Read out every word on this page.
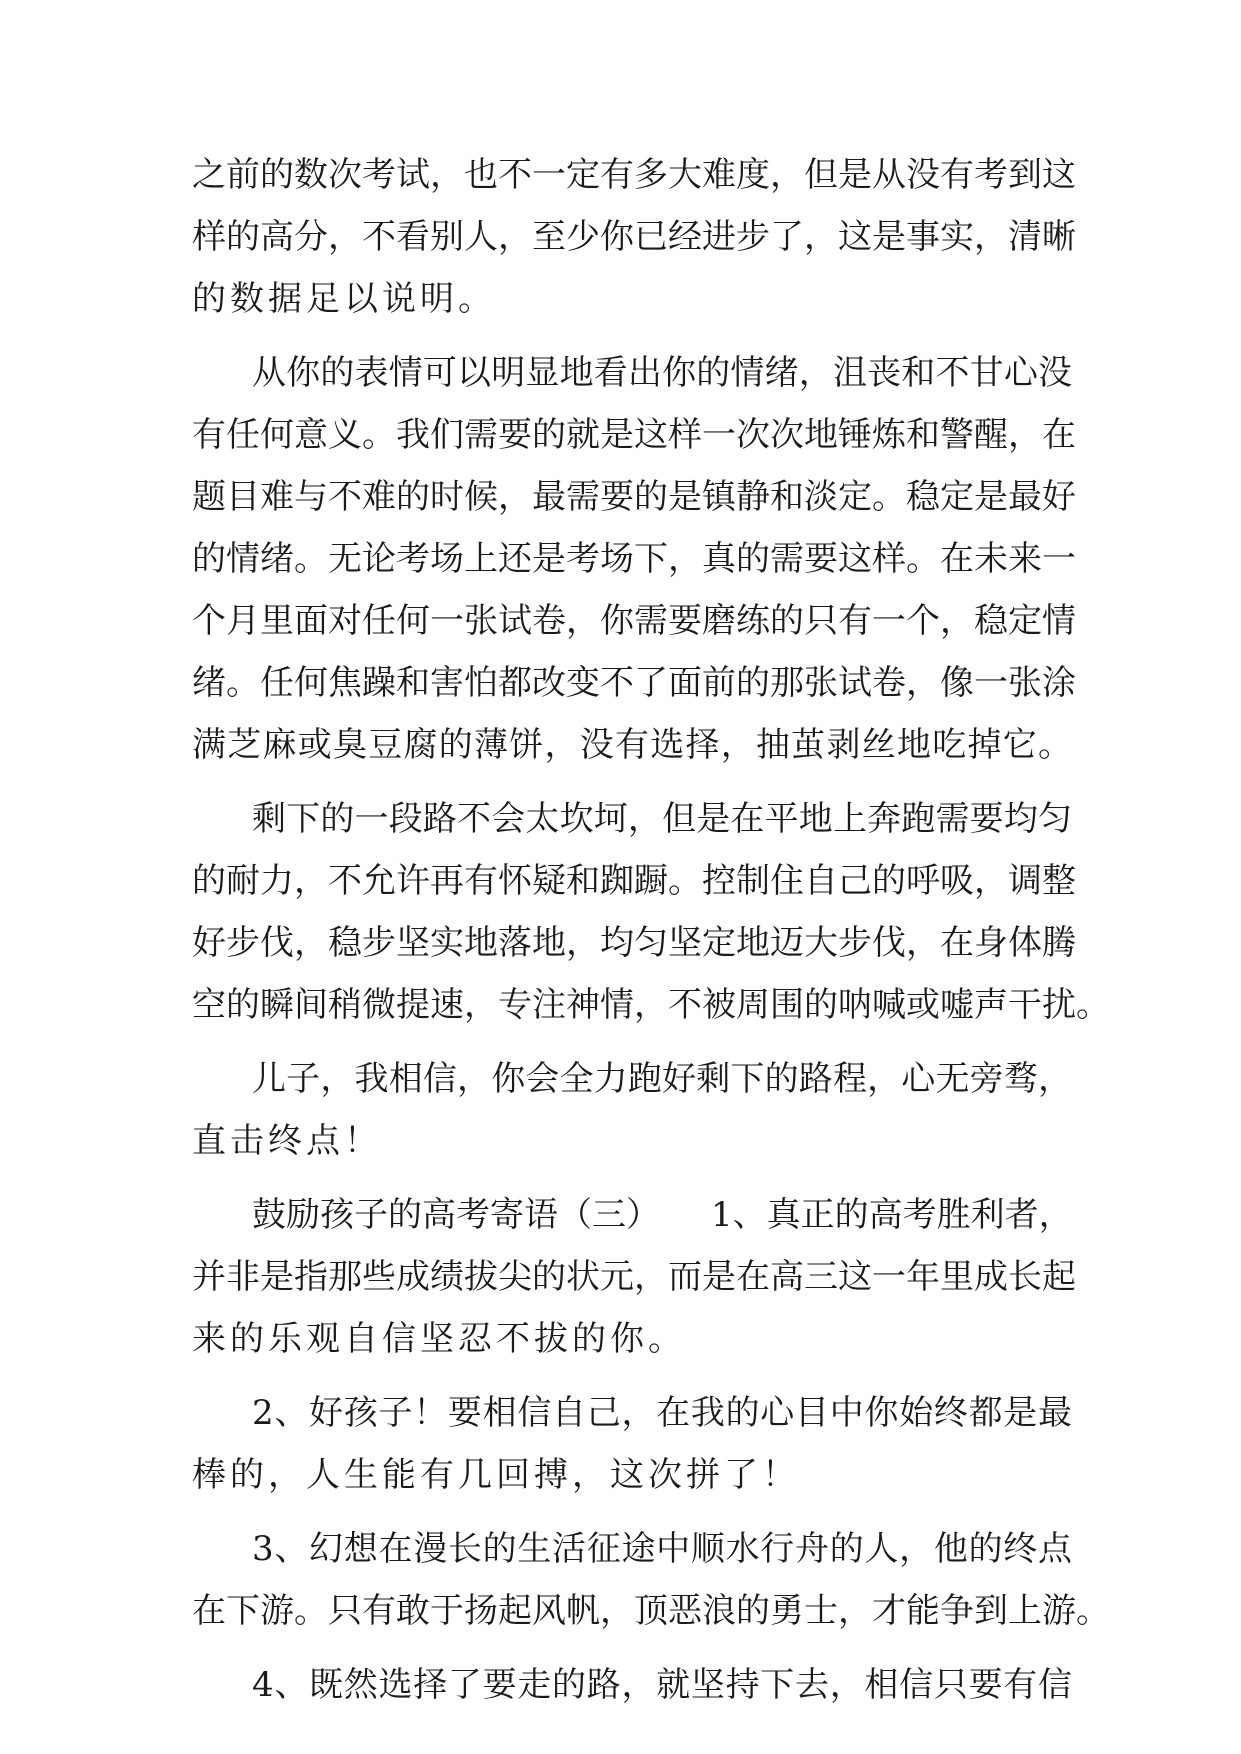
之前的数次考试，也不一定有多大难度，但是从没有考到这
样的高分，不看别人，至少你已经进步了，这是事实，清晰
的数据足以说明。
从你的表情可以明显地看出你的情绪，沮丧和不甘心没
有任何意义。我们需要的就是这样一次次地锤炼和警醒，在
题目难与不难的时候，最需要的是镇静和淡定。稳定是最好
的情绪。无论考场上还是考场下，真的需要这样。在未来一
个月里面对任何一张试卷，你需要磨练的只有一个，稳定情
绪。任何焦躁和害怕都改变不了面前的那张试卷，像一张涂
满芝麻或臭豆腐的薄饼，没有选择，抽茧剥丝地吃掉它。
剩下的一段路不会太坎坷，但是在平地上奔跑需要均匀
的耐力，不允许再有怀疑和踟蹰。控制住自己的呼吸，调整
好步伐，稳步坚实地落地，均匀坚定地迈大步伐，在身体腾
空的瞬间稍微提速，专注神情，不被周围的呐喊或嘘声干扰。
儿子，我相信，你会全力跑好剩下的路程，心无旁骛，
直击终点！
鼓励孩子的高考寄语（三）　　1、真正的高考胜利者，
并非是指那些成绩拔尖的状元，而是在高三这一年里成长起
来的乐观自信坚忍不拔的你。
2、好孩子！要相信自己，在我的心目中你始终都是最
棒的，人生能有几回搏，这次拼了！
3、幻想在漫长的生活征途中顺水行舟的人，他的终点
在下游。只有敢于扬起风帆，顶恶浪的勇士，才能争到上游。
4、既然选择了要走的路，就坚持下去，相信只要有信
